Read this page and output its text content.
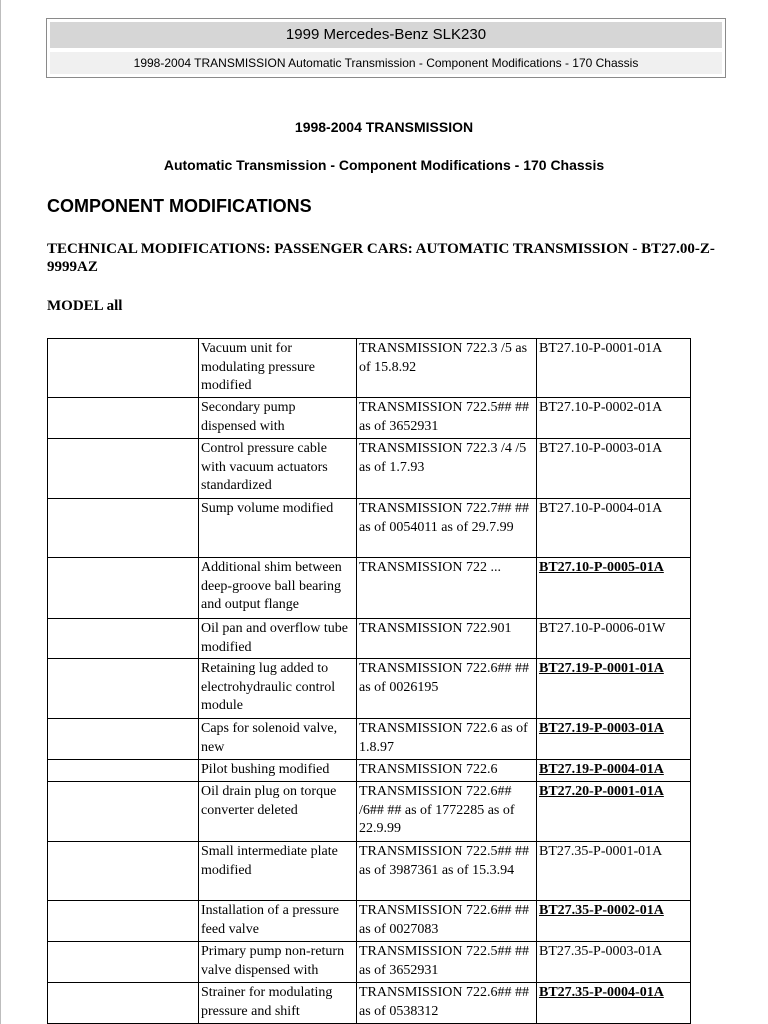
1999 Mercedes-Benz SLK230
1998-2004 TRANSMISSION Automatic Transmission - Component Modifications - 170 Chassis
1998-2004 TRANSMISSION
Automatic Transmission - Component Modifications - 170 Chassis
COMPONENT MODIFICATIONS
TECHNICAL MODIFICATIONS: PASSENGER CARS: AUTOMATIC TRANSMISSION - BT27.00-Z-9999AZ
MODEL all
	Vacuum unit for modulating pressure modified	TRANSMISSION 722.3 /5 as of 15.8.92	BT27.10-P-0001-01A
	Secondary pump dispensed with	TRANSMISSION 722.5## ## as of 3652931	BT27.10-P-0002-01A
	Control pressure cable with vacuum actuators standardized	TRANSMISSION 722.3 /4 /5 as of 1.7.93	BT27.10-P-0003-01A
	Sump volume modified	TRANSMISSION 722.7## ## as of 0054011 as of 29.7.99	BT27.10-P-0004-01A
	Additional shim between deep-groove ball bearing and output flange	TRANSMISSION 722 ...	BT27.10-P-0005-01A
	Oil pan and overflow tube modified	TRANSMISSION 722.901	BT27.10-P-0006-01W
	Retaining lug added to electrohydraulic control module	TRANSMISSION 722.6## ## as of 0026195	BT27.19-P-0001-01A
	Caps for solenoid valve, new	TRANSMISSION 722.6 as of 1.8.97	BT27.19-P-0003-01A
	Pilot bushing modified	TRANSMISSION 722.6	BT27.19-P-0004-01A
	Oil drain plug on torque converter deleted	TRANSMISSION 722.6## /6## ## as of 1772285 as of 22.9.99	BT27.20-P-0001-01A
	Small intermediate plate modified	TRANSMISSION 722.5## ## as of 3987361 as of 15.3.94	BT27.35-P-0001-01A
	Installation of a pressure feed valve	TRANSMISSION 722.6## ## as of 0027083	BT27.35-P-0002-01A
	Primary pump non-return valve dispensed with	TRANSMISSION 722.5## ## as of 3652931	BT27.35-P-0003-01A
	Strainer for modulating pressure and shift	TRANSMISSION 722.6## ## as of 0538312	BT27.35-P-0004-01A
